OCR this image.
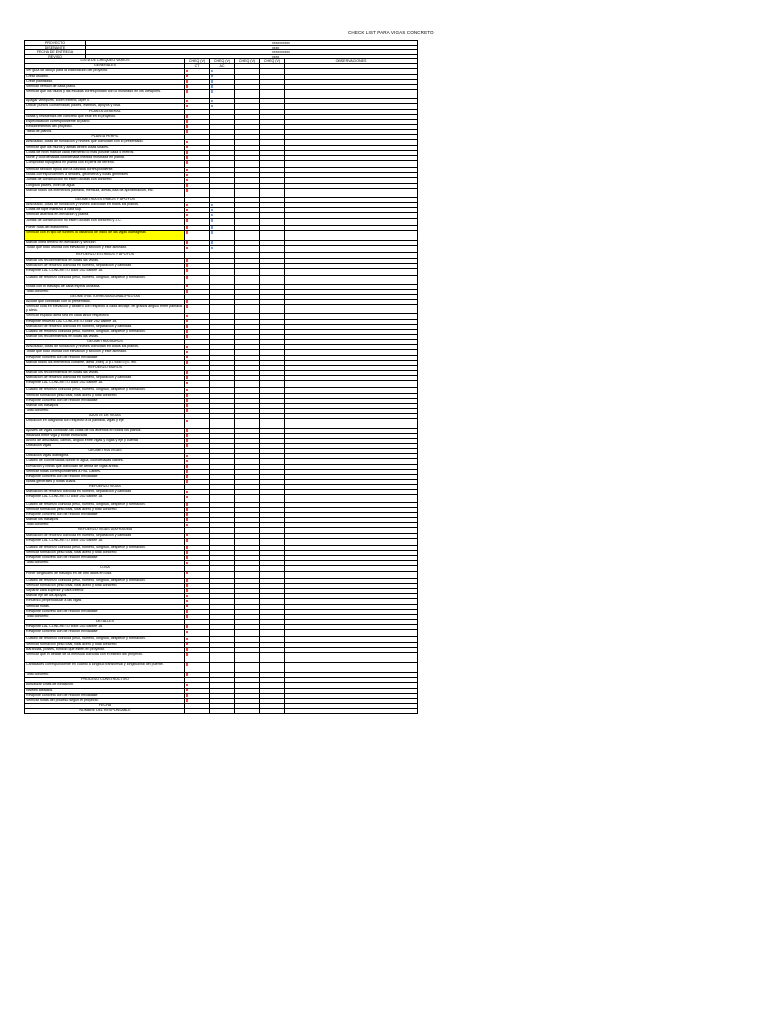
CHECK LIST PARA VIGAS CONCRETO
PROYECTO	xxxxxxxxxx
DISEÑANTE	xxxx
FECHA DE ENTREGA	xxxxxxxxxx
REVISO	xxxx
LISTA DE CHEQUEO VARIOS	CHEQ (V)	CHEQ (V)	CHEQ (V)	CHEQ (V)	OBSERVACIONES
GENERALES	CT	AC
Ver guía de dibujo para la elaboración del proyecto.
Crear usuario.
Crear plantillado.
Verificar versión de cada plano.
Verificar que los títulos y las escalas correspondan con lo mostrado en los viewports.
Apagar viewports, zoom extend, layer 0.
Ubicar puntos coordenadas pilotes, estribos, apoyos y losa.
PLANTA GENERAL
Notas y resistencia del concreto que esté en el proyecto.
Especificacion correspondiente al plano.
Recubrimientos del proyecto.
Tabla de planos.
PLANTA PERFIL
Abscisado, cotas de fundación y niveles que coincidan con lo presentado.
Verificar que los muros y aletas tienen cotas totales.
Cotas de nivel marcar cada elemento lo más posible cada 5 metros.
Norte y coordenadas coordenada medida mostrada en planta.
Comprobar topografía en planta con el perfil de terreno.
Verificar sección típica con la calzada correspondiente.
Notas correspondientes a detalles, geometría y notas generales
Juntas de construcción no estén ocultas con concreto
Longitud pilotes, nivel de agua
Marcar todos los elementos pantalla, ménsula, aletas,losa de aproximación, etc.
GEOMETRIA ESTRIBOS Y APOYOS
Abscisado, cotas de fundación y niveles coincidan en todos los planos.
Cotas de tope mantuvo a cara sup.
Verificar asientos en elevación y planta.
Juntas de construcción no estén ocultas con concreto y J.C.
Poner nota del elastómero.
Verificar con el tipo de tuneles la distancia de inicio de las vigas diafragmas
Marcar línea terreno en elevación y sección
Todar que todo ofunda con elevación y sección y este alineado.
REFUERZO ESTRIBOS Y APOYOS
Marcar los recubrimientos en todas las vistas.
Marcación de refuerzo coincida en número, separación y cantidad
Rewpinte LAL CONCRETO color 252 calibre 18.
Cuadro de refuerzo coincida peso, numero, longitud, despiece y formacion.
Notas con el traslapo de cada espiral utilizada.
Total concreto
GEOMETRIA TORRE/DIAGONAL/PILOTAS
Alcular que coincidan con lo presentado.
Verificar cota en elevación y abalero con respecto a cada anclaje, tel grados angulo entre pantalla y aleta.
Verificar espacio aleta sea en cada lance respectivo
Rewpinte refuerzo LAL CONCRETO color 252 calibre 18.
Marcación de refuerzo coincida en número, separación y cantidad.
Cuadro de refuerzo coincida peso, numero, longitud, despiece y formacion.
Marcar los recubrimientos en todas las vistas.
GEOMETRIA MUROS
Abscisado, cotas de fundación y niveles coincidan en todos los planos.
Todar que todo ofunda con elevación y sección y este alineado.
Rewpinte concreto con de rección enviadase
Marcar todos los elementos cortante, aleta ,cheq ,o p.l. todo o p.l. etc.
REFUERZO MUROS
Marcar los recubrimientos en todas las vistas.
Marcación de refuerzo coincida en número, separación y cantidad
Rewpinte LAL CONCRETO color 252 calibre 18.
Cuadro de refuerzo coincida peso, numero, longitud, despiece y formacion.
Verificar formación peso total, total acero y total concreto
Rewpinte concreto con de rección enviadase
Marcar los traslapos
Total concreto
AJUSTE DE VIGAS
Ubicación en diagrama con respecto a la pantalla, vigas y eje
Ajustes de vigas coincidan las cotas de los asientos en todos los planos.
distancia entre viga y borde estructura
Ancho de abscisado, camos, angulo entre vigas y vigas y eje y cuerda
Ubicación vigas
GEOMETRIA VIGAS
Ubicación vigas diafragma.
Cuadro de coordenadas donde el agua, coordenadas cables.
Elevación y lineas que coincidan de arriba de vigas arriba.
Verificar notas correspondientes a PAL Cables.
Rewpinte concreto con de rección enviadase
Notas generales y notas cuaos.
REFUERZO VIGAS
Marcación de refuerzo coincida en número, separación y cantidad
Rewpinte LAL CONCRETO color 252 calibre 18.
Cuadro de refuerzo coincida peso, numero, longitud, despiece y formacion.
Verificar formación peso total, total acero y total concreto
Rewpinte concreto con de rección enviadase
Marcar los traslapos
Total concreto
REFUERZO VIGAS DIAFRAGMA
Marcación de refuerzo coincida en número, separación y cantidad
Rewpinte LAL CONCRETO color 252 calibre 18.
Cuadro de refuerzo coincida peso, numero, longitud, despiece y formacion.
Verificar formación peso total, total acero y total concreto
Rewpinte concreto con de rección enviadase
Total concreto
LOSA
Poner longitudes de traslapo en de otro lados en losa.
Cuadro de refuerzo coincida peso, numero, longitud, despiece y formacion.
Verificar formación peso total, total acero y total concreto
Separar cara superior y cara inferior.
Marcar eje de los apoyos.
Refuerzo perpendicular a las vigas
Verificar notas.
Rewpinte concreto con de rección enviadase
Total concreto
DETALLES
Rewpinte LAL CONCRETO color 252 calibre 18.
Rewpinte concreto con de rección enviadase
Cuadro de refuerzo coincida peso, numero, longitud, despiece y formacion.
Verificar formación peso total, total acero y total concreto
Barandas, postes, bordillo que estén en proyecto.
Verificar que el detalle de la ménsula coincida con el estribo del proyecto.
Cantidades correspondiente en cuanto a longitud transversal y longitudinal del puente.
Total concreto
PROCESO CONSTRUCTIVO
Actualizar cotas de fundación.
Niveles aleadlos.
Rewpinte concreto con de rección enviadase
Verificar notas del proceso según el proyecto.
FECHA
NOMBRE DEL RESPONSABLE
